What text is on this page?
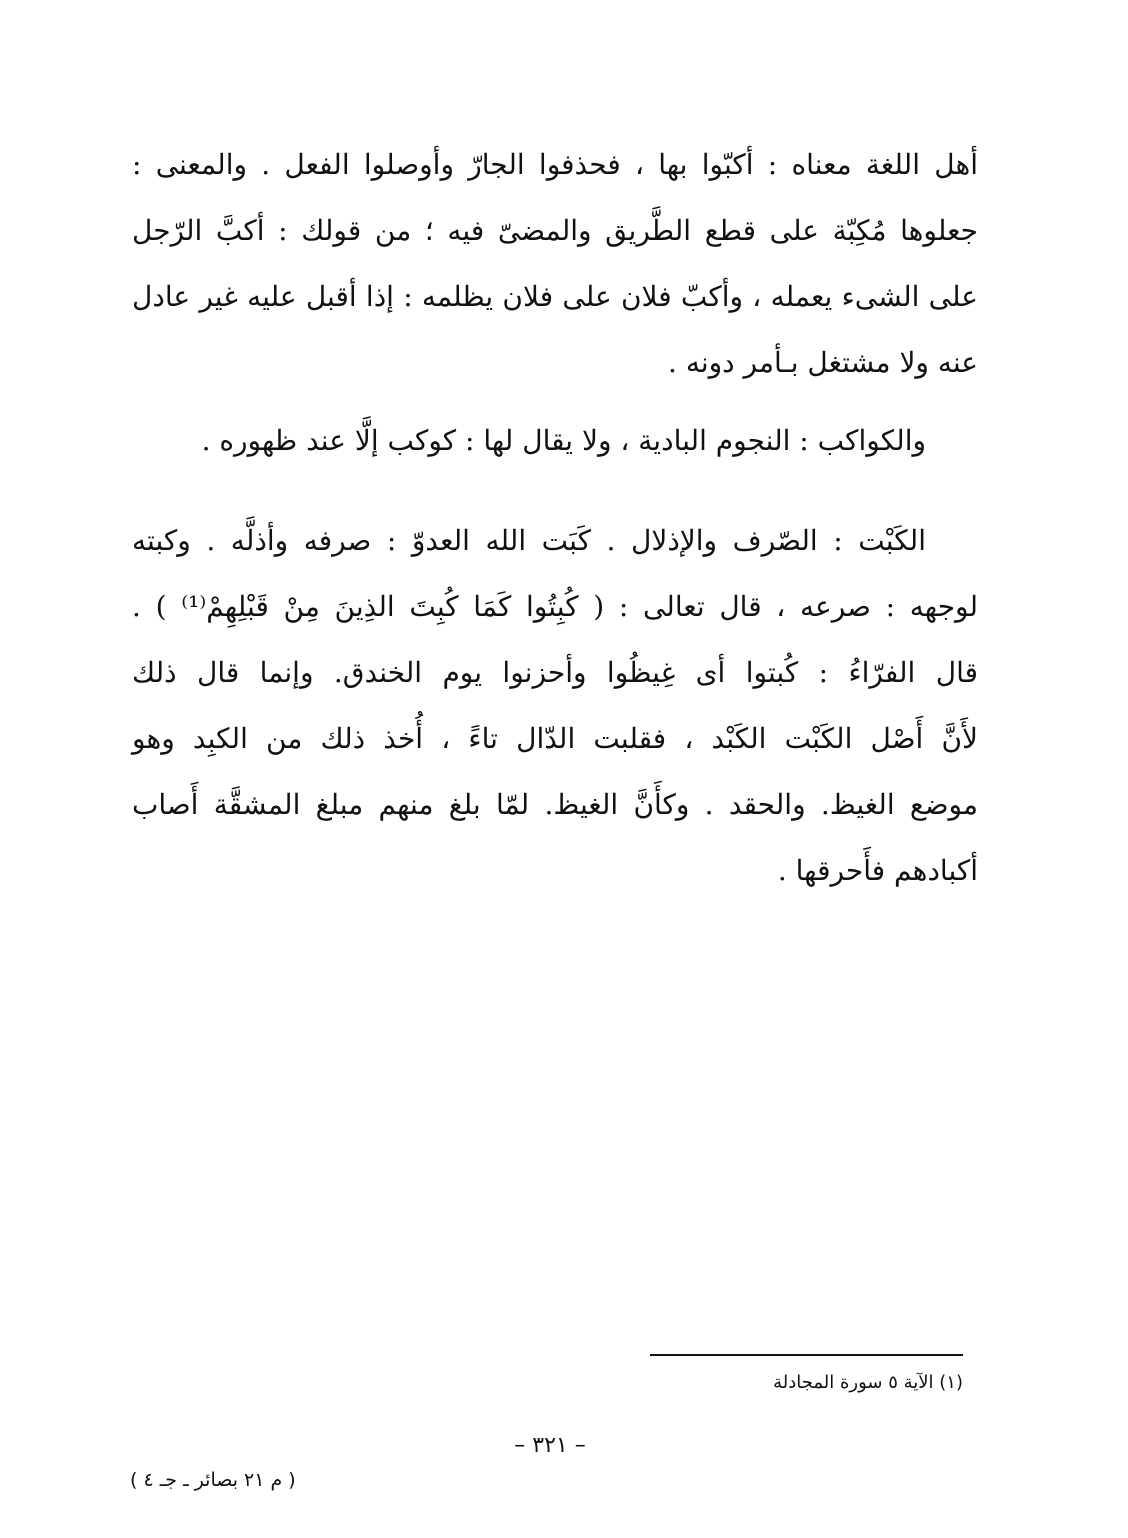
أهل اللغة معناه : أكبّوا بها ، فحذفوا الجارّ وأوصلوا الفعل . والمعنى :
جعلوها مُكِبّة على قطع الطَّريق والمضىّ فيه ؛ من قولك : أكبَّ الرّجل
على الشىء يعمله ، وأكبّ فلان على فلان يظلمه : إذا أقبل عليه غير عادل
عنه ولا مشتغل بـأمر دونه .
والكواكب : النجوم البادية ، ولا يقال لها : كوكب إلَّا عند ظهوره .
الكَبْت : الصّرف والإذلال . كَبَت الله العدوّ : صرفه وأذلَّه . وكبته
لوجهه : صرعه ، قال تعالى : ( كُبِتُوا كَمَا كُبِتَ الذِينَ مِنْ قَبْلِهِمْ⁽¹⁾ ) .
قال الفرّاءُ : كُبتوا أى غِيظُوا وأحزنوا يوم الخندق. وإنما قال ذلك
لأَنَّ أَصْل الكَبْت الكَبْد ، فقلبت الدّال تاءً ، أُخذ ذلك من الكبِد وهو
موضع الغيظ. والحقد . وكأَنَّ الغيظ. لمّا بلغ منهم مبلغ المشقَّة أَصاب
أكبادهم فأَحرقها .
(١) الآية ٥ سورة المجادلة
– ٣٢١ –
( م ٢١ بصائر ـ جـ ٤ )
